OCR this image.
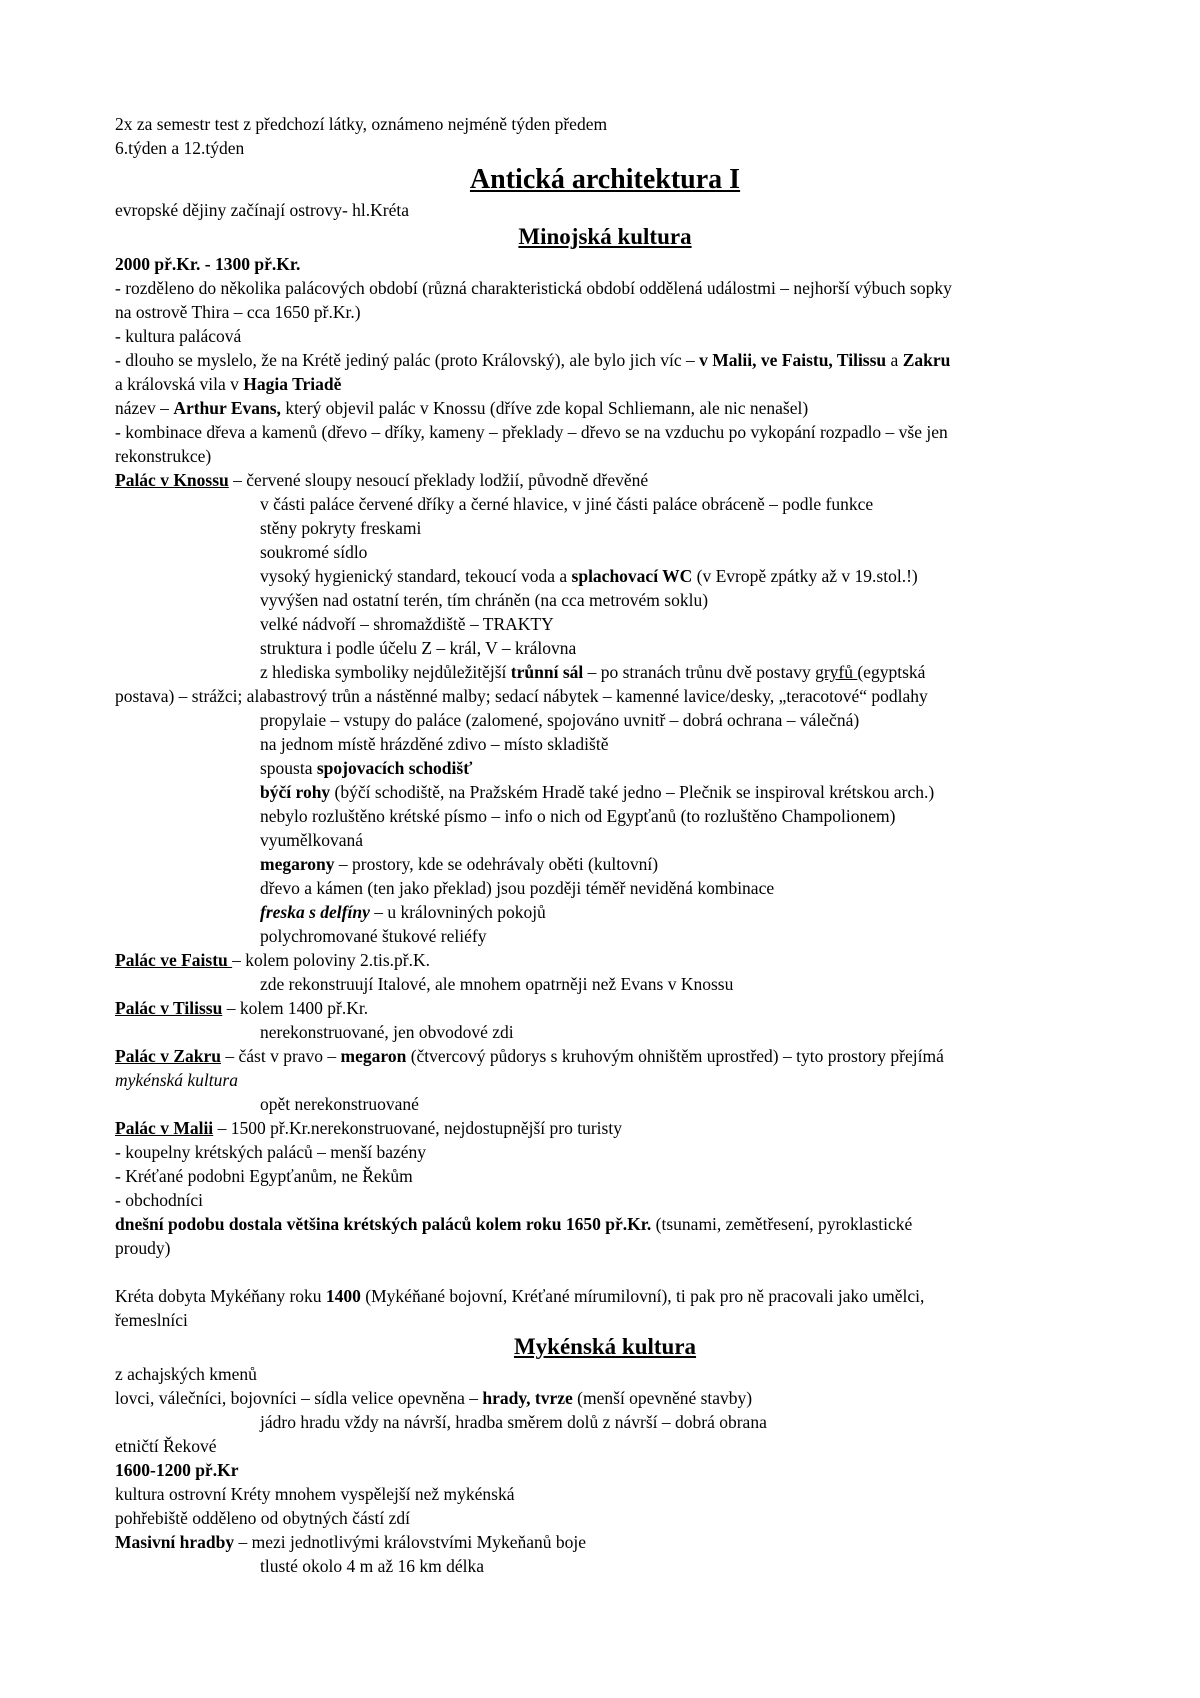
2x za semestr test z předchozí látky, oznámeno nejméně týden předem
6.týden a 12.týden
Antická architektura I
evropské dějiny začínají ostrovy- hl.Kréta
Minojská kultura
2000 př.Kr. - 1300 př.Kr.
- rozděleno do několika palácových období (různá charakteristická období oddělená událostmi – nejhorší výbuch sopky
na ostrově Thira – cca 1650 př.Kr.)
- kultura palácová
- dlouho se myslelo, že na Krétě jediný palác (proto Královský), ale bylo jich víc – v Malii, ve Faistu, Tilissu a Zakru
a královská vila v Hagia Triadě
název – Arthur Evans, který objevil palác v Knossu (dříve zde kopal Schliemann, ale nic nenašel)
- kombinace dřeva a kamenů (dřevo – dříky, kameny – překlady – dřevo se na vzduchu po vykopání rozpadlo – vše jen
rekonstrukce)
Palác v Knossu – červené sloupy nesoucí překlady lodžií, původně dřevěné
v části paláce červené dříky a černé hlavice, v jiné části paláce obráceně – podle funkce
stěny pokryty freskami
soukromé sídlo
vysoký hygienický standard, tekoucí voda a splachovací WC (v Evropě zpátky až v 19.stol.!)
vyvýšen nad ostatní terén, tím chráněn (na cca metrovém soklu)
velké nádvoří – shromaždiště – TRAKTY
struktura i podle účelu Z – král, V – královna
z hlediska symboliky nejdůležitější trůnní sál – po stranách trůnu dvě postavy gryfů (egyptská
postava) – strážci; alabastrový trůn a nástěnné malby; sedací nábytek – kamenné lavice/desky, „teracotové“ podlahy
propylaie – vstupy do paláce (zalomené, spojováno uvnitř – dobrá ochrana – válečná)
na jednom místě hrázděné zdivo – místo skladiště
spousta spojovacích schodišť
býčí rohy (býčí schodiště, na Pražském Hradě také jedno – Plečnik se inspiroval krétskou arch.)
nebylo rozluštěno krétské písmo – info o nich od Egypťanů (to rozluštěno Champolionem)
vyumělkovaná
megarony – prostory, kde se odehrávaly oběti (kultovní)
dřevo a kámen (ten jako překlad) jsou později téměř neviděná kombinace
freska s delfíny – u královniných pokojů
polychromované štukové reliéfy
Palác ve Faistu – kolem poloviny 2.tis.př.K.
zde rekonstruují Italové, ale mnohem opatrněji než Evans v Knossu
Palác v Tilissu – kolem 1400 př.Kr.
nerekonstruované, jen obvodové zdi
Palác v Zakru – část v pravo – megaron (čtvercový půdorys s kruhovým ohništěm uprostřed) – tyto prostory přejímá
mykénská kultura
opět nerekonstruované
Palác v Malii – 1500 př.Kr.nerekonstruované, nejdostupnější pro turisty
- koupelny krétských paláců – menší bazény
- Kréťané podobni Egypťanům, ne Řekům
- obchodníci
dnešní podobu dostala většina krétských paláců kolem roku 1650 př.Kr. (tsunami, zemětřesení, pyroklastické
proudy)
Kréta dobyta Mykéňany roku 1400 (Mykéňané bojovní, Kréťané mírumilovní), ti pak pro ně pracovali jako umělci,
řemeslníci
Mykénská kultura
z achajských kmenů
lovci, válečníci, bojovníci – sídla velice opevněna – hrady, tvrze (menší opevněné stavby)
jádro hradu vždy na návrší, hradba směrem dolů z návrší – dobrá obrana
etničtí Řekové
1600-1200 př.Kr
kultura ostrovní Kréty mnohem vyspělejší než mykénská
pohřebiště odděleno od obytných částí zdí
Masivní hradby – mezi jednotlivými královstvími Mykeňanů boje
tlusté okolo 4 m až 16 km délka
